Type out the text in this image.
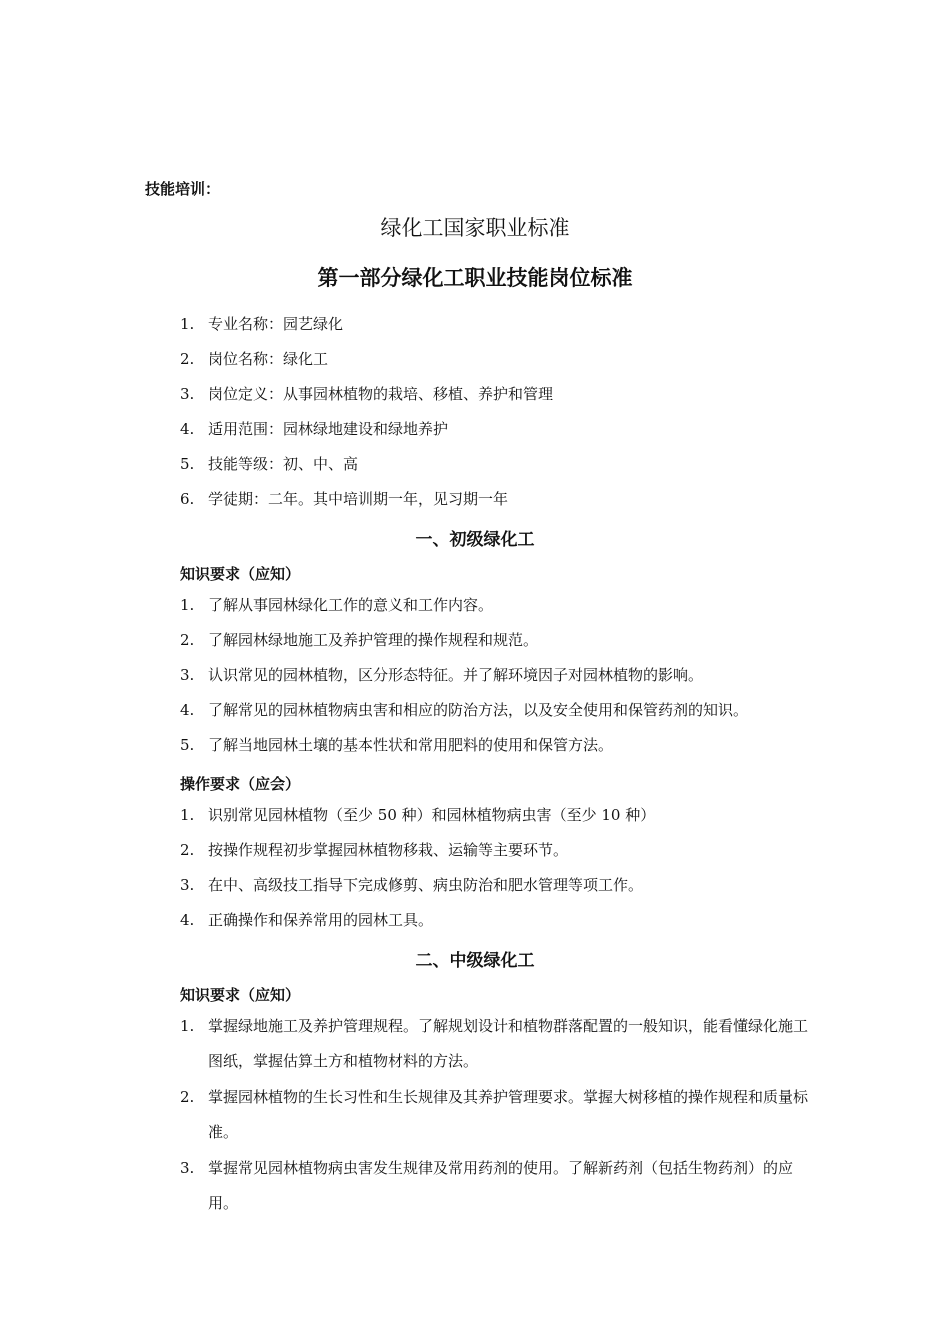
技能培训：
绿化工国家职业标准
第一部分绿化工职业技能岗位标准
1. 专业名称：园艺绿化
2. 岗位名称：绿化工
3. 岗位定义：从事园林植物的栽培、移植、养护和管理
4. 适用范围：园林绿地建设和绿地养护
5. 技能等级：初、中、高
6. 学徒期：二年。其中培训期一年，见习期一年
一、初级绿化工
知识要求（应知）
1. 了解从事园林绿化工作的意义和工作内容。
2. 了解园林绿地施工及养护管理的操作规程和规范。
3. 认识常见的园林植物，区分形态特征。并了解环境因子对园林植物的影响。
4. 了解常见的园林植物病虫害和相应的防治方法，以及安全使用和保管药剂的知识。
5. 了解当地园林土壤的基本性状和常用肥料的使用和保管方法。
操作要求（应会）
1. 识别常见园林植物（至少 50 种）和园林植物病虫害（至少 10 种）
2. 按操作规程初步掌握园林植物移栽、运输等主要环节。
3. 在中、高级技工指导下完成修剪、病虫防治和肥水管理等项工作。
4. 正确操作和保养常用的园林工具。
二、中级绿化工
知识要求（应知）
1. 掌握绿地施工及养护管理规程。了解规划设计和植物群落配置的一般知识，能看懂绿化施工图纸，掌握估算土方和植物材料的方法。
2. 掌握园林植物的生长习性和生长规律及其养护管理要求。掌握大树移植的操作规程和质量标准。
3. 掌握常见园林植物病虫害发生规律及常用药剂的使用。了解新药剂（包括生物药剂）的应用。
